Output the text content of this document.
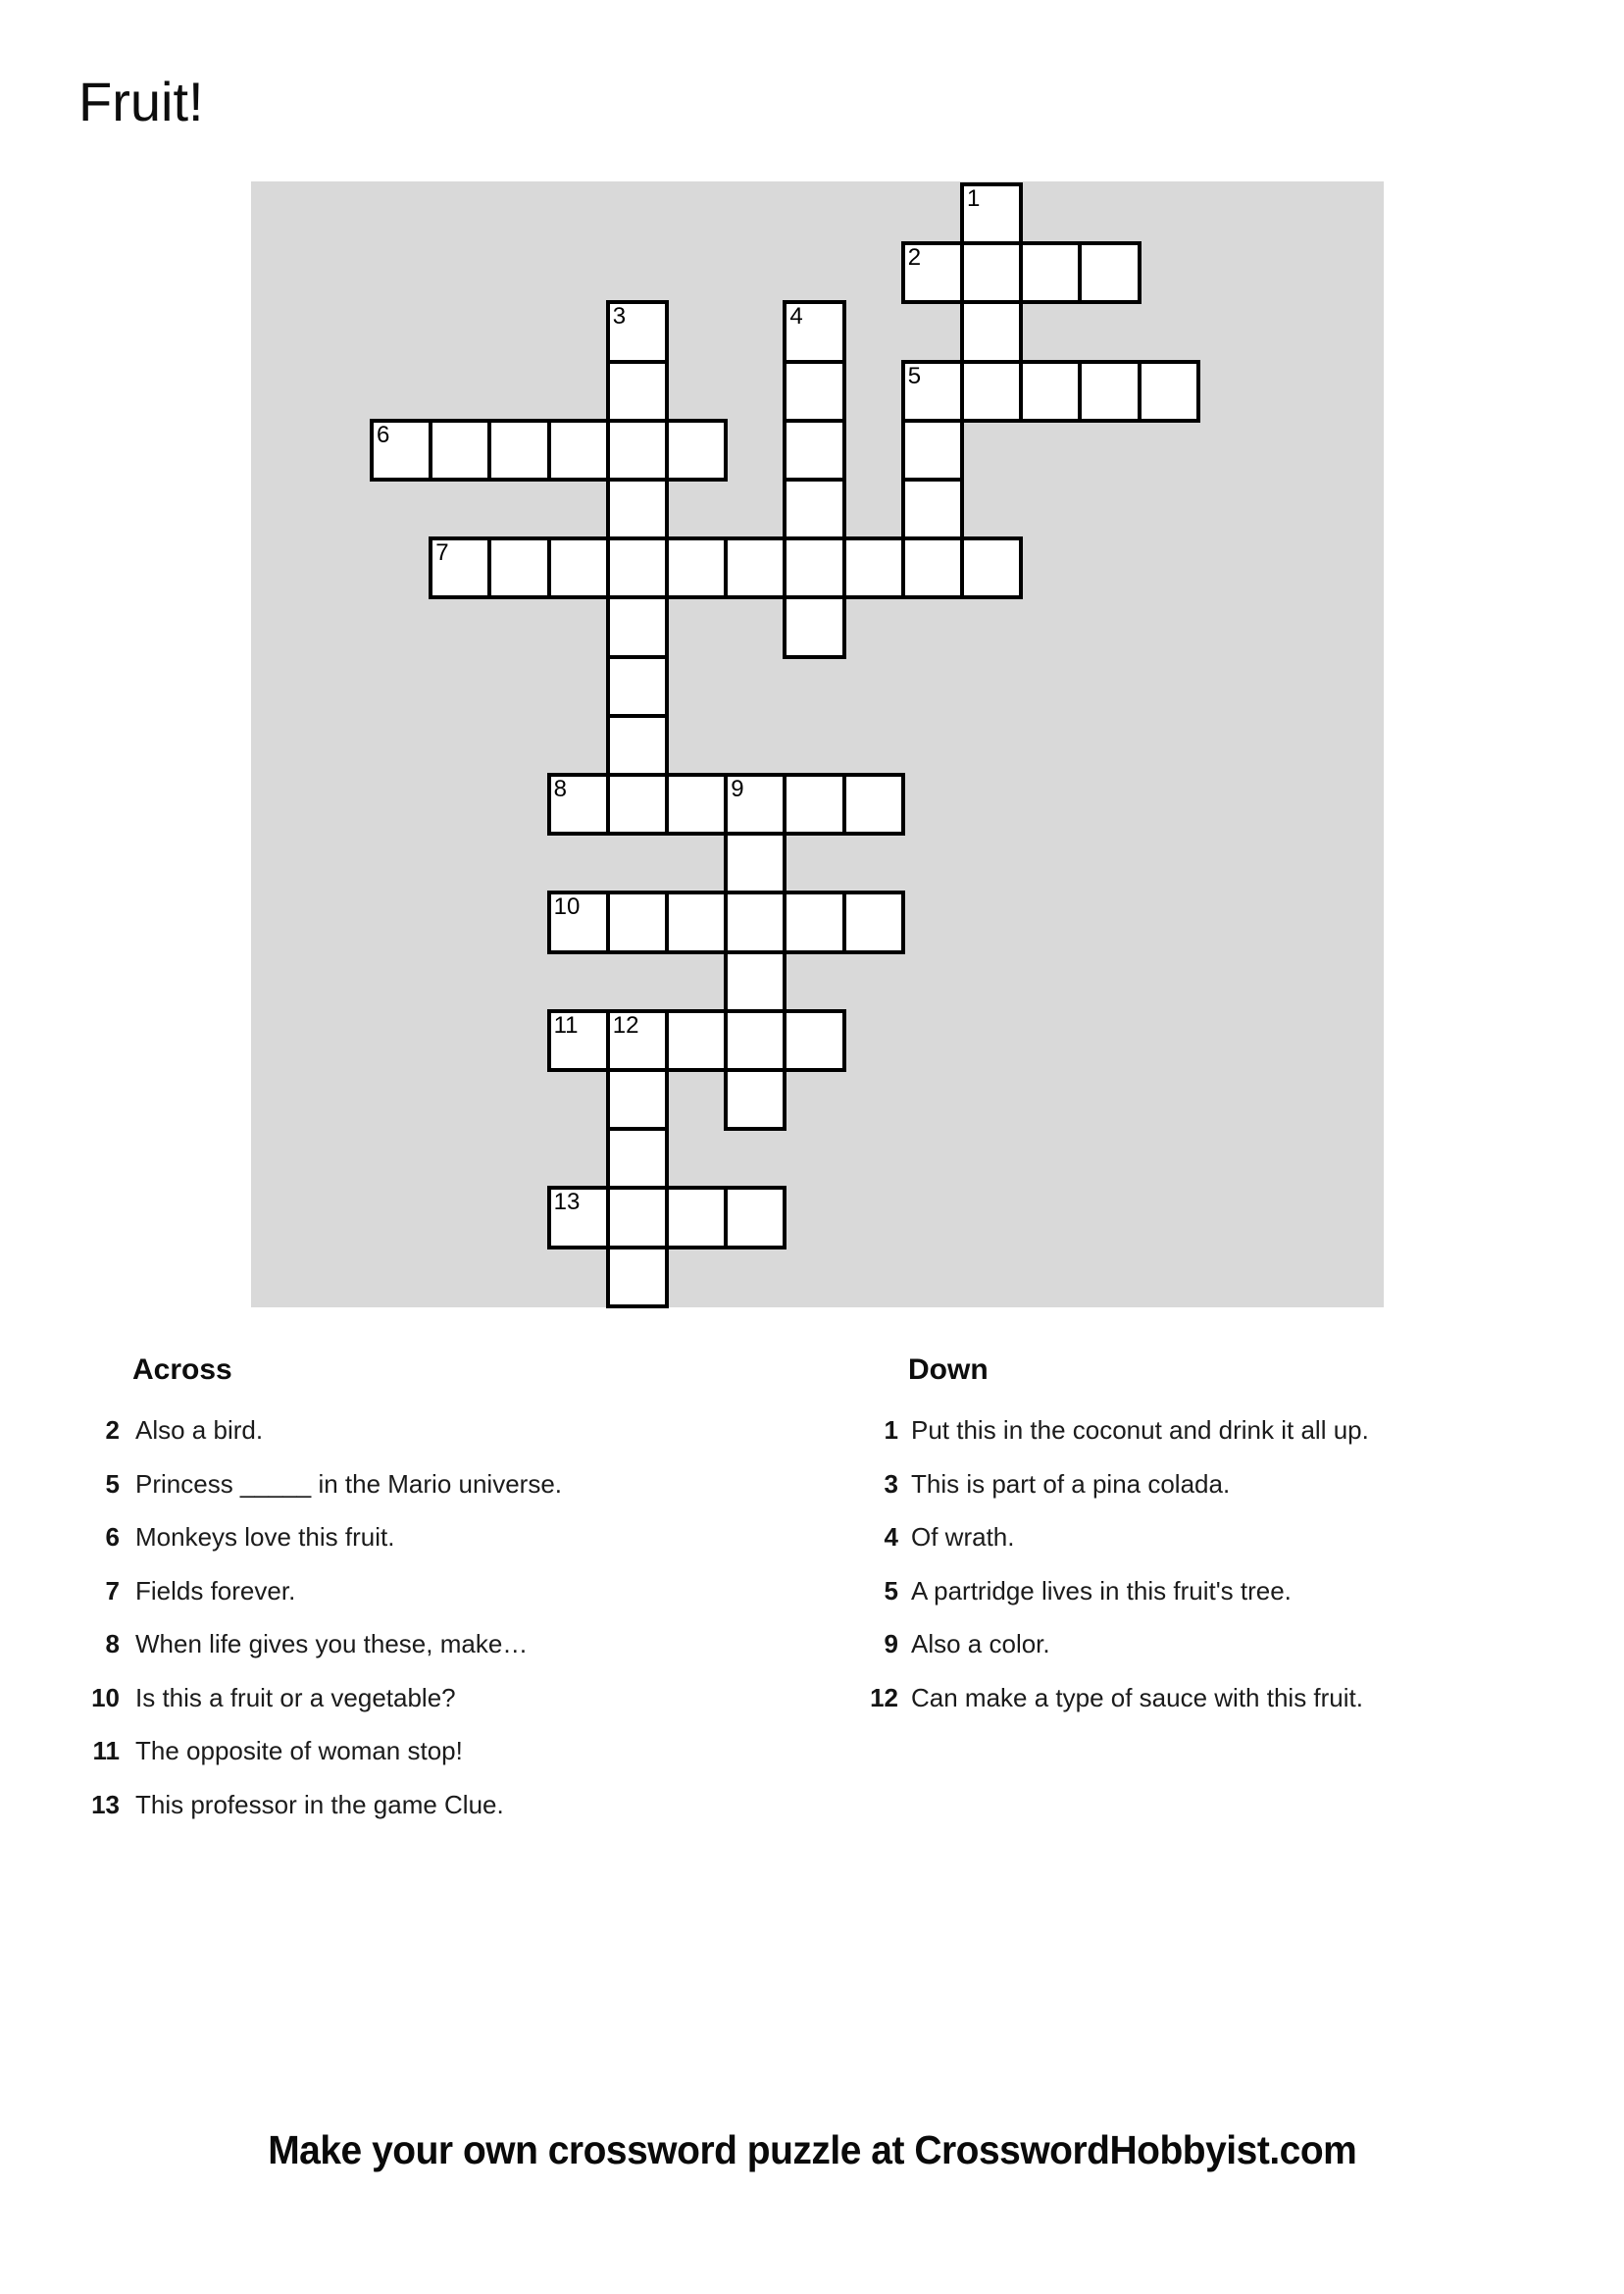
Fruit!
1
2
3	4
5
6
7
8	9
10
11	12
13
Across	Down
2 Also a bird.
5 Princess _____ in the Mario universe.
6 Monkeys love this fruit.
7 Fields forever.
8 When life gives you these, make…
10 Is this a fruit or a vegetable?
11 The opposite of woman stop!
13 This professor in the game Clue.
1 Put this in the coconut and drink it all up.
3 This is part of a pina colada.
4 Of wrath.
5 A partridge lives in this fruit's tree.
9 Also a color.
12 Can make a type of sauce with this fruit.
Make your own crossword puzzle at CrosswordHobbyist.com
